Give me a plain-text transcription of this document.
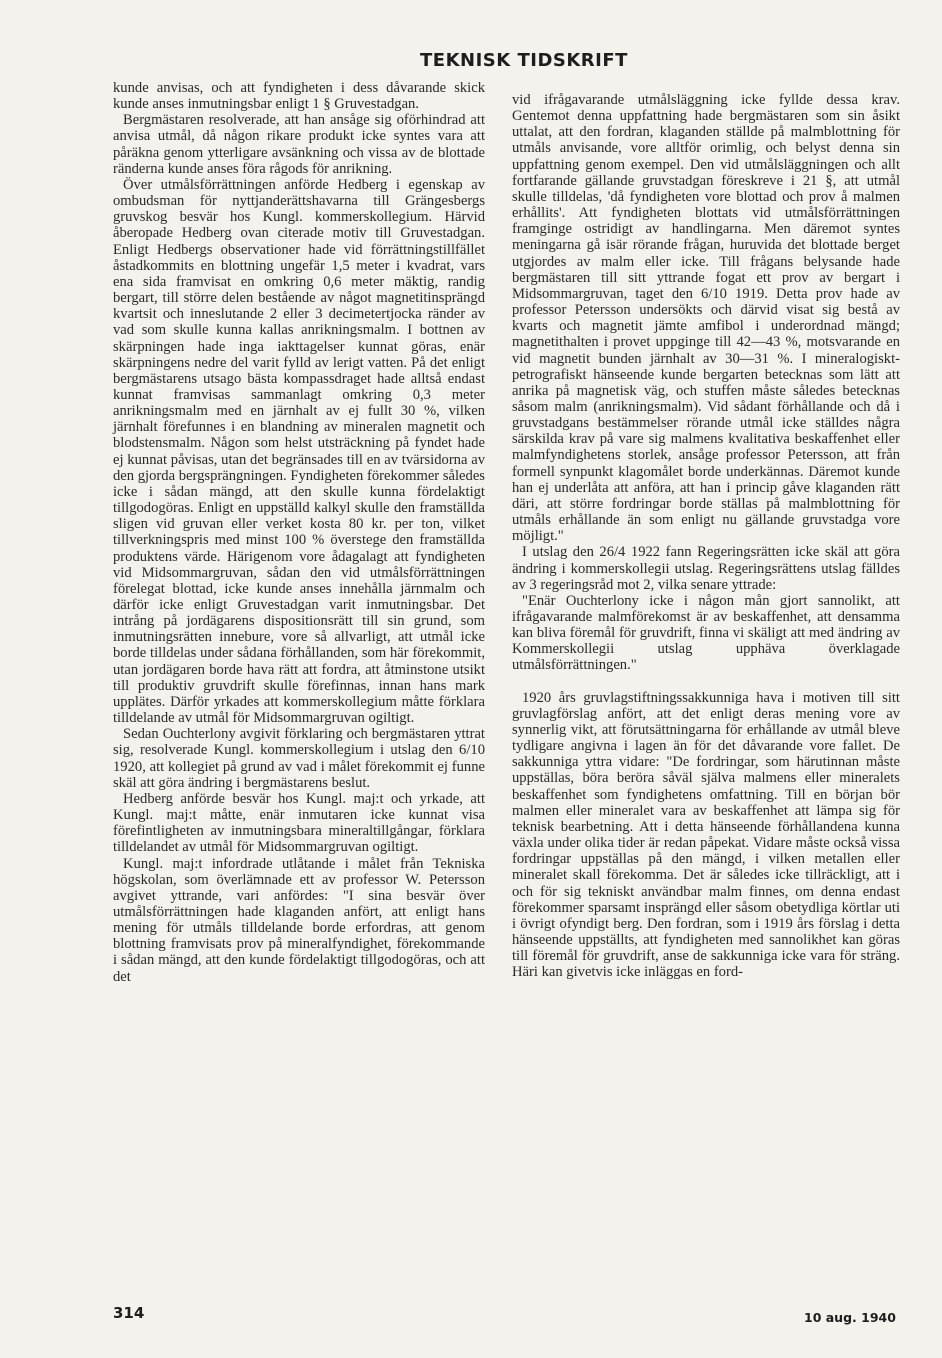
TEKNISK TIDSKRIFT

kunde anvisas, och att fyndigheten i dess dåvarande skick kunde anses inmutningsbar enligt 1 § Gruvestadgan.

Bergmästaren resolverade, att han ansåge sig oförhindrad att anvisa utmål, då någon rikare produkt icke syntes vara att påräkna genom ytterligare avsänkning och vissa av de blottade ränderna kunde anses föra rågods för anrikning.

Över utmålsförrättningen anförde Hedberg i egenskap av ombudsman för nyttjanderättshavarna till Grängesbergs gruvskog besvär hos Kungl. kommerskollegium. Härvid åberopade Hedberg ovan citerade motiv till Gruvestadgan. Enligt Hedbergs observationer hade vid förrättningstillfället åstadkommits en blottning ungefär 1,5 meter i kvadrat, vars ena sida framvisat en omkring 0,6 meter mäktig, randig bergart, till större delen bestående av något magnetitinsprängd kvartsit och inneslutande 2 eller 3 decimetertjocka ränder av vad som skulle kunna kallas anrikningsmalm. I bottnen av skärpningen hade inga iakttagelser kunnat göras, enär skärpningens nedre del varit fylld av lerigt vatten. På det enligt bergmästarens utsago bästa kompassdraget hade alltså endast kunnat framvisas sammanlagt omkring 0,3 meter anrikningsmalm med en järnhalt av ej fullt 30 %, vilken järnhalt förefunnes i en blandning av mineralen magnetit och blodstensmalm. Någon som helst utsträckning på fyndet hade ej kunnat påvisas, utan det begränsades till en av tvärsidorna av den gjorda bergsprängningen. Fyndigheten förekommer således icke i sådan mängd, att den skulle kunna fördelaktigt tillgodogöras. Enligt en uppställd kalkyl skulle den framställda sligen vid gruvan eller verket kosta 80 kr. per ton, vilket tillverkningspris med minst 100 % överstege den framställda produktens värde. Härigenom vore ådagalagt att fyndigheten vid Midsommargruvan, sådan den vid utmålsförrättningen förelegat blottad, icke kunde anses innehålla järnmalm och därför icke enligt Gruvestadgan varit inmutningsbar. Det intrång på jordägarens dispositionsrätt till sin grund, som inmutningsrätten innebure, vore så allvarligt, att utmål icke borde tilldelas under sådana förhållanden, som här förekommit, utan jordägaren borde hava rätt att fordra, att åtminstone utsikt till produktiv gruvdrift skulle förefinnas, innan hans mark upplätes. Därför yrkades att kommerskollegium måtte förklara tilldelande av utmål för Midsommargruvan ogiltigt.

Sedan Ouchterlony avgivit förklaring och bergmästaren yttrat sig, resolverade Kungl. kommerskollegium i utslag den 6/10 1920, att kollegiet på grund av vad i målet förekommit ej funne skäl att göra ändring i bergmästarens beslut.

Hedberg anförde besvär hos Kungl. maj:t och yrkade, att Kungl. maj:t måtte, enär inmutaren icke kunnat visa förefintligheten av inmutningsbara mineraltillgångar, förklara tilldelandet av utmål för Midsommargruvan ogiltigt.

Kungl. maj:t infordrade utlåtande i målet från Tekniska högskolan, som överlämnade ett av professor W. Petersson avgivet yttrande, vari anfördes: "I sina besvär över utmålsförrättningen hade klaganden anfört, att enligt hans mening för utmåls tilldelande borde erfordras, att genom blottning framvisats prov på mineralfyndighet, förekommande i sådan mängd, att den kunde fördelaktigt tillgodogöras, och att det

vid ifrågavarande utmålsläggning icke fyllde dessa krav. Gentemot denna uppfattning hade bergmästaren som sin åsikt uttalat, att den fordran, klaganden ställde på malmblottning för utmåls anvisande, vore alltför orimlig, och belyst denna sin uppfattning genom exempel. Den vid utmålsläggningen och allt fortfarande gällande gruvstadgan föreskreve i 21 §, att utmål skulle tilldelas, 'då fyndigheten vore blottad och prov å malmen erhållits'. Att fyndigheten blottats vid utmålsförrättningen framginge ostridigt av handlingarna. Men däremot syntes meningarna gå isär rörande frågan, huruvida det blottade berget utgjordes av malm eller icke. Till frågans belysande hade bergmästaren till sitt yttrande fogat ett prov av bergart i Midsommargruvan, taget den 6/10 1919. Detta prov hade av professor Petersson undersökts och därvid visat sig bestå av kvarts och magnetit jämte amfibol i underordnad mängd; magnetithalten i provet uppginge till 42—43 %, motsvarande en vid magnetit bunden järnhalt av 30—31 %. I mineralogiskt-petrografiskt hänseende kunde bergarten betecknas som lätt att anrika på magnetisk väg, och stuffen måste således betecknas såsom malm (anrikningsmalm). Vid sådant förhållande och då i gruvstadgans bestämmelser rörande utmål icke ställdes några särskilda krav på vare sig malmens kvalitativa beskaffenhet eller malmfyndighetens storlek, ansåge professor Petersson, att från formell synpunkt klagomålet borde underkännas. Däremot kunde han ej underlåta att anföra, att han i princip gåve klaganden rätt däri, att större fordringar borde ställas på malmblottning för utmåls erhållande än som enligt nu gällande gruvstadga vore möjligt."

I utslag den 26/4 1922 fann Regeringsrätten icke skäl att göra ändring i kommerskollegii utslag. Regeringsrättens utslag fälldes av 3 regeringsråd mot 2, vilka senare yttrade:

"Enär Ouchterlony icke i någon mån gjort sannolikt, att ifrågavarande malmförekomst är av beskaffenhet, att densamma kan bliva föremål för gruvdrift, finna vi skäligt att med ändring av Kommerskollegii utslag upphäva överklagade utmålsförrättningen."

1920 års gruvlagstiftningssakkunniga hava i motiven till sitt gruvlagförslag anfört, att det enligt deras mening vore av synnerlig vikt, att förutsättningarna för erhållande av utmål bleve tydligare angivna i lagen än för det dåvarande vore fallet. De sakkunniga yttra vidare: "De fordringar, som härutinnan måste uppställas, böra beröra såväl själva malmens eller mineralets beskaffenhet som fyndighetens omfattning. Till en början bör malmen eller mineralet vara av beskaffenhet att lämpa sig för teknisk bearbetning. Att i detta hänseende förhållandena kunna växla under olika tider är redan påpekat. Vidare måste också vissa fordringar uppställas på den mängd, i vilken metallen eller mineralet skall förekomma. Det är således icke tillräckligt, att i och för sig tekniskt användbar malm finnes, om denna endast förekommer sparsamt insprängd eller såsom obetydliga körtlar uti i övrigt ofyndigt berg. Den fordran, som i 1919 års förslag i detta hänseende uppställts, att fyndigheten med sannolikhet kan göras till föremål för gruvdrift, anse de sakkunniga icke vara för sträng. Häri kan givetvis icke inläggas en ford-

314	10 aug. 1940
